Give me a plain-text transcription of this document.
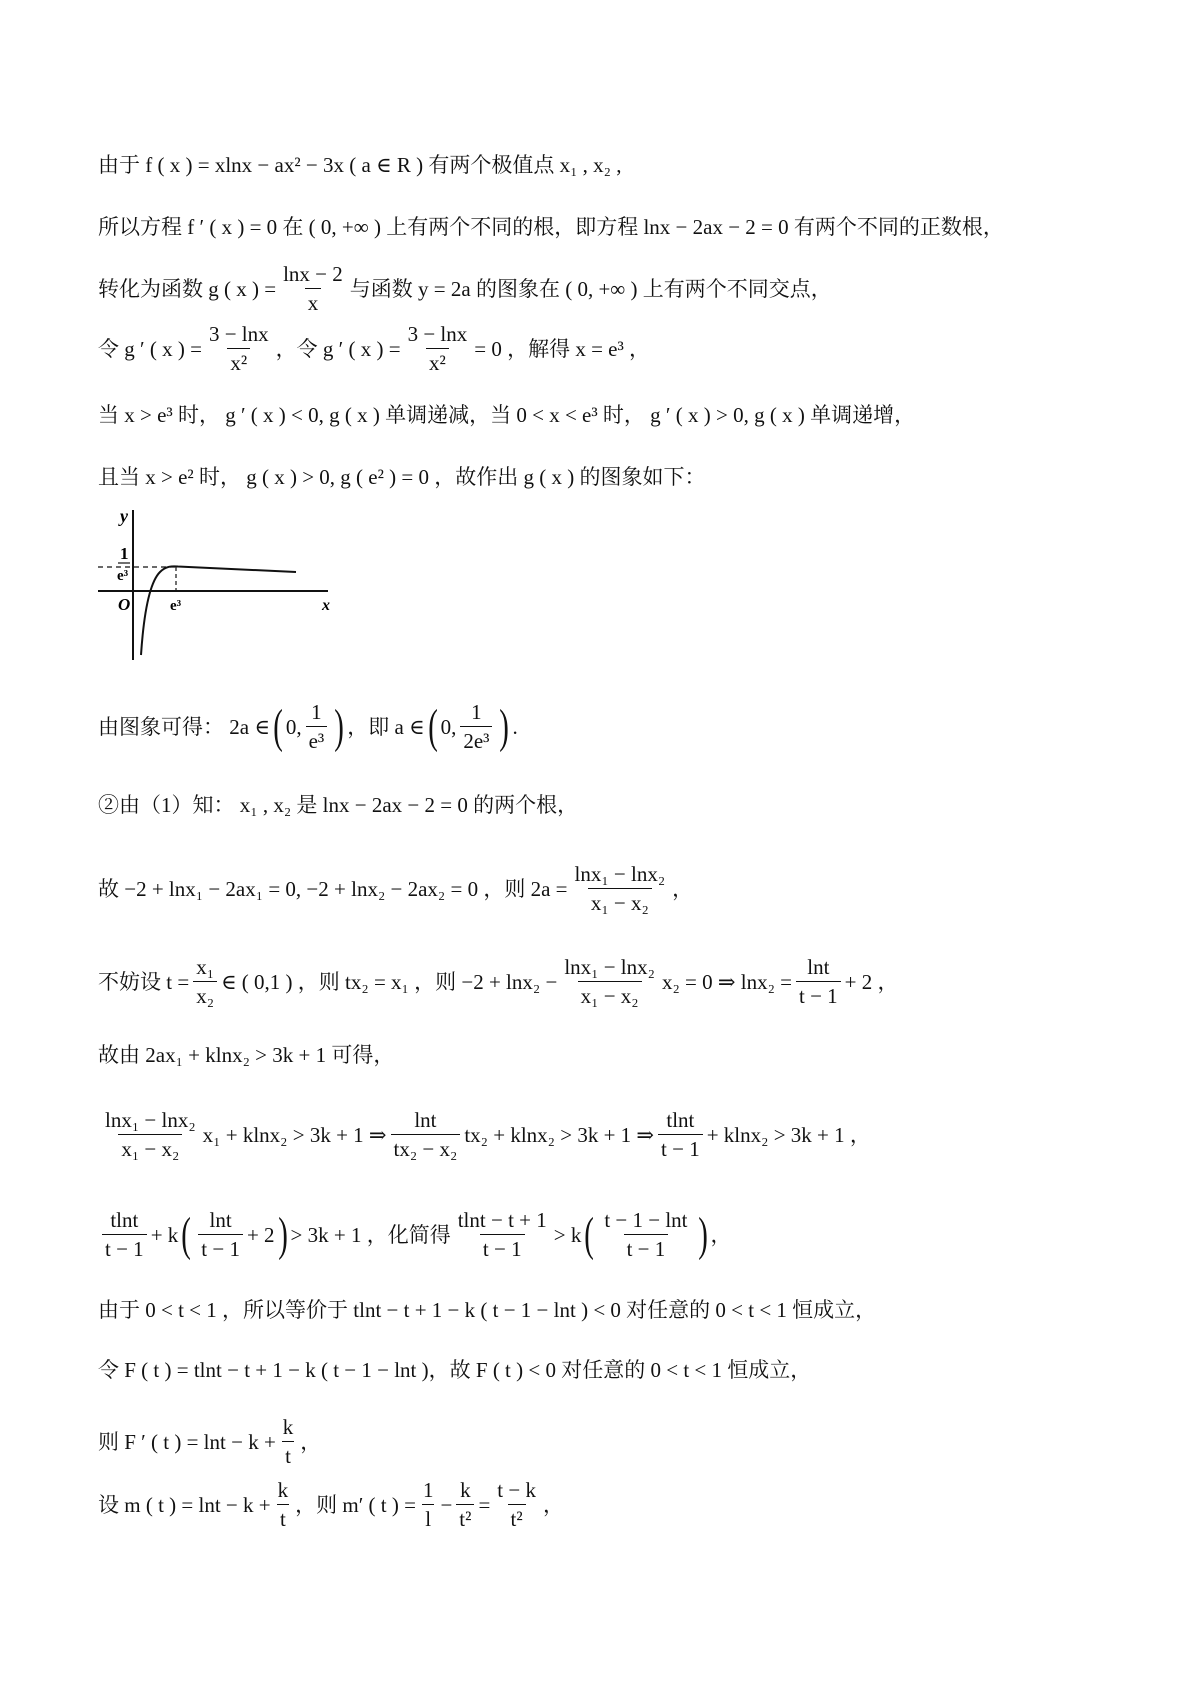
由于 f ( x ) = xlnx − ax² − 3x ( a ∈ R ) 有两个极值点 x₁ , x₂ ,
所以方程 f ′ ( x ) = 0 在 ( 0, +∞ ) 上有两个不同的根，即方程 lnx − 2ax − 2 = 0 有两个不同的正数根，
转化为函数 g ( x ) = $\frac{\ln x - 2}{x}$ 与函数 y = 2a 的图象在 ( 0, +∞ ) 上有两个不同交点，
令 g ′ ( x ) = $\frac{3 - \ln x}{\text{x²}}$ ，令 g ′ ( x ) = $\frac{3 - \ln x}{\text{x²}} = 0$ ，解得 x = e³ ，
当 x > e³ 时， g ′ ( x ) < 0, g ( x ) 单调递减，当 0 < x < e³ 时， g ′ ( x ) > 0, g ( x ) 单调递增，
且当 x > e² 时， g ( x ) > 0, g ( e² ) = 0 ，故作出 g ( x ) 的图象如下：
y
x
O
1
e³
e³
由图象可得： 2a ∈ ( 0, $\frac{1}{\text{e³}}$ ) ，即 a ∈ ( 0, $\frac{1}{\text{2e³}}$ ) .
②由（1）知： x₁ , x₂ 是 lnx − 2ax − 2 = 0 的两个根，
故 −2 + lnx₁ − 2ax₁ = 0, −2 + lnx₂ − 2ax₂ = 0 ，则 $2a = \frac{\text{lnx₁ − lnx₂}}{\text{x₁ − x₂}}$ ，
不妨设 $t = \frac{\text{x₁}}{\text{x₂}}$ ∈ ( 0,1 ) ，则 tx₂ = x₁ ，则 $-2 + \ln x_2 - \frac{\text{lnx₁ − lnx₂}}{\text{x₁ − x₂}} x_2 = 0$ ⇒ $\ln x_2 = \frac{\ln t}{t - 1} + 2$ ，
故由 2ax₁ + klnx₂ > 3k + 1 可得，
$\frac{\text{lnx₁ − lnx₂}}{\text{x₁ − x₂}} x_1 + klnx_2 > 3k + 1$ ⇒ $\frac{\ln t}{\text{tx₂ − x₂}} tx_2 + klnx_2 > 3k + 1$ ⇒ $\frac{tlnt}{t - 1} + klnx_2 > 3k + 1$ ，
$\frac{tlnt}{t - 1} + k$ ( $\frac{\ln t}{t - 1} + 2$ ) > 3k + 1 ，化简得 $\frac{tlnt - t + 1}{t - 1} > k$ ( $\frac{t - 1 - \ln t}{t - 1}$ ) ，
由于 0 < t < 1 ，所以等价于 tlnt − t + 1 − k ( t − 1 − lnt ) < 0 对任意的 0 < t < 1 恒成立，
令 F ( t ) = tlnt − t + 1 − k ( t − 1 − lnt )，故 F ( t ) < 0 对任意的 0 < t < 1 恒成立，
则 F ′ ( t ) = $\ln t - k + \frac{k}{t}$ ，
设 m ( t ) = $\ln t - k + \frac{k}{t}$ ，则 m′ ( t ) = $\frac{1}{l} - \frac{k}{\text{t²}} = \frac{t - k}{\text{t²}}$ ，
